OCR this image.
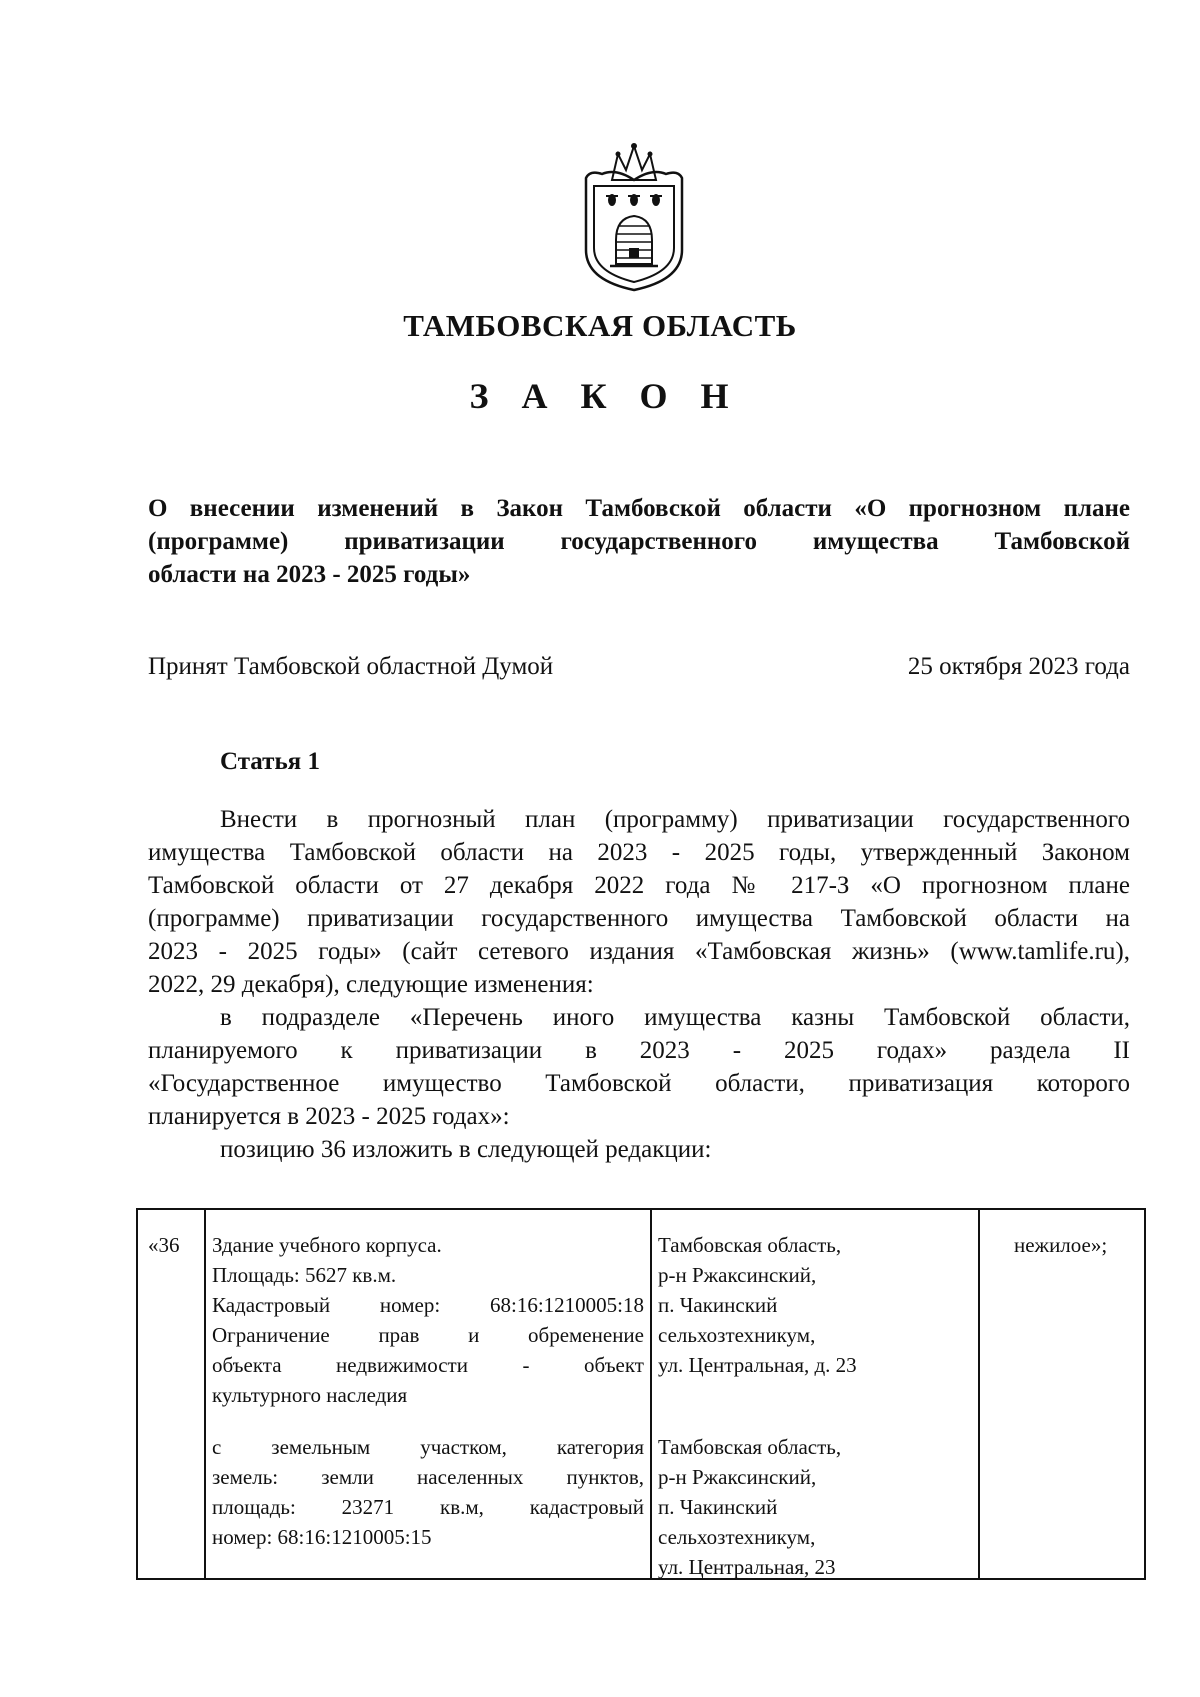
ТАМБОВСКАЯ ОБЛАСТЬ
З А К О Н
О внесении изменений в Закон Тамбовской области «О прогнозном плане
(программе) приватизации государственного имущества Тамбовской
области на 2023 - 2025 годы»
Принят Тамбовской областной Думой	25 октября 2023 года
Статья 1
Внести в прогнозный план (программу) приватизации государственного
имущества Тамбовской области на 2023 - 2025 годы, утвержденный Законом
Тамбовской области от 27 декабря 2022 года № 217-З «О прогнозном плане
(программе) приватизации государственного имущества Тамбовской области на
2023 - 2025 годы» (сайт сетевого издания «Тамбовская жизнь» (www.tamlife.ru),
2022, 29 декабря), следующие изменения:
в подразделе «Перечень иного имущества казны Тамбовской области,
планируемого к приватизации в 2023 - 2025 годах» раздела II
«Государственное имущество Тамбовской области, приватизация которого
планируется в 2023 - 2025 годах»:
позицию 36 изложить в следующей редакции:
«36 Здание учебного корпуса.
Площадь: 5627 кв.м.
Кадастровый номер: 68:16:1210005:18
Ограничение прав и обременение
объекта недвижимости - объект
культурного наследия
Тамбовская область,
р-н Ржаксинский,
п. Чакинский
сельхозтехникум,
ул. Центральная, д. 23
с земельным участком, категория
земель: земли населенных пунктов,
площадь: 23271 кв.м, кадастровый
номер: 68:16:1210005:15
Тамбовская область,
р-н Ржаксинский,
п. Чакинский
сельхозтехникум,
ул. Центральная, 23
нежилое»;
